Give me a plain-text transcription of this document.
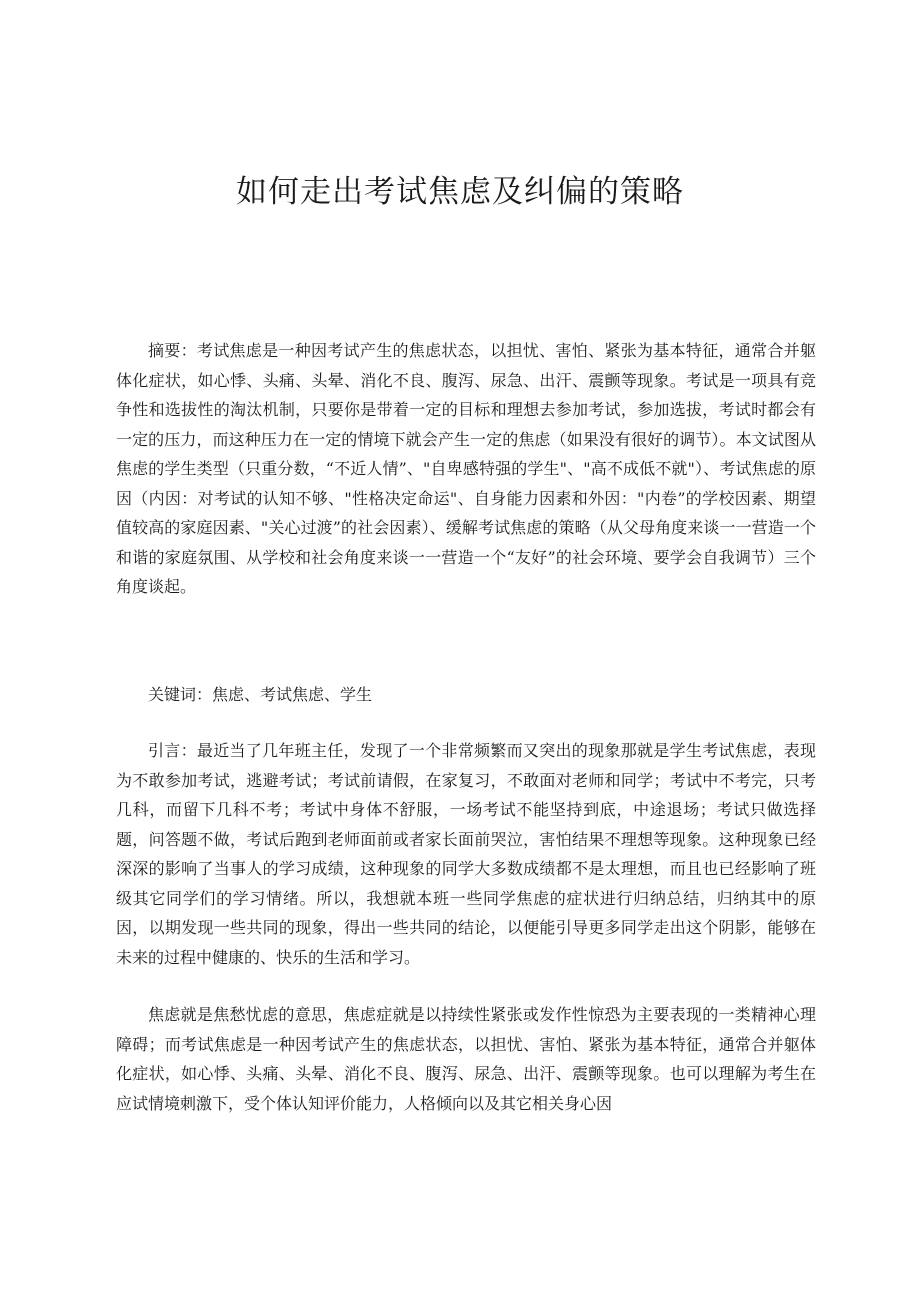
如何走出考试焦虑及纠偏的策略

摘要：考试焦虑是一种因考试产生的焦虑状态，以担忧、害怕、紧张为基本特征，通常合并躯体化症状，如心悸、头痛、头晕、消化不良、腹泻、尿急、出汗、震颤等现象。考试是一项具有竞争性和选拔性的淘汰机制，只要你是带着一定的目标和理想去参加考试，参加选拔，考试时都会有一定的压力，而这种压力在一定的情境下就会产生一定的焦虑（如果没有很好的调节）。本文试图从焦虑的学生类型（只重分数，“不近人情”、"自卑感特强的学生"、"高不成低不就"）、考试焦虑的原因（内因：对考试的认知不够、"性格决定命运"、自身能力因素和外因："内卷”的学校因素、期望值较高的家庭因素、"关心过渡”的社会因素）、缓解考试焦虑的策略（从父母角度来谈一一营造一个和谐的家庭氛围、从学校和社会角度来谈一一营造一个“友好”的社会环境、要学会自我调节）三个角度谈起。

关键词：焦虑、考试焦虑、学生

引言：最近当了几年班主任，发现了一个非常频繁而又突出的现象那就是学生考试焦虑，表现为不敢参加考试，逃避考试；考试前请假，在家复习，不敢面对老师和同学；考试中不考完，只考几科，而留下几科不考；考试中身体不舒服，一场考试不能坚持到底，中途退场；考试只做选择题，问答题不做，考试后跑到老师面前或者家长面前哭泣，害怕结果不理想等现象。这种现象已经深深的影响了当事人的学习成绩，这种现象的同学大多数成绩都不是太理想，而且也已经影响了班级其它同学们的学习情绪。所以，我想就本班一些同学焦虑的症状进行归纳总结，归纳其中的原因，以期发现一些共同的现象，得出一些共同的结论，以便能引导更多同学走出这个阴影，能够在未来的过程中健康的、快乐的生活和学习。

焦虑就是焦愁忧虑的意思，焦虑症就是以持续性紧张或发作性惊恐为主要表现的一类精神心理障碍；而考试焦虑是一种因考试产生的焦虑状态，以担忧、害怕、紧张为基本特征，通常合并躯体化症状，如心悸、头痛、头晕、消化不良、腹泻、尿急、出汗、震颤等现象。也可以理解为考生在应试情境刺激下，受个体认知评价能力，人格倾向以及其它相关身心因
